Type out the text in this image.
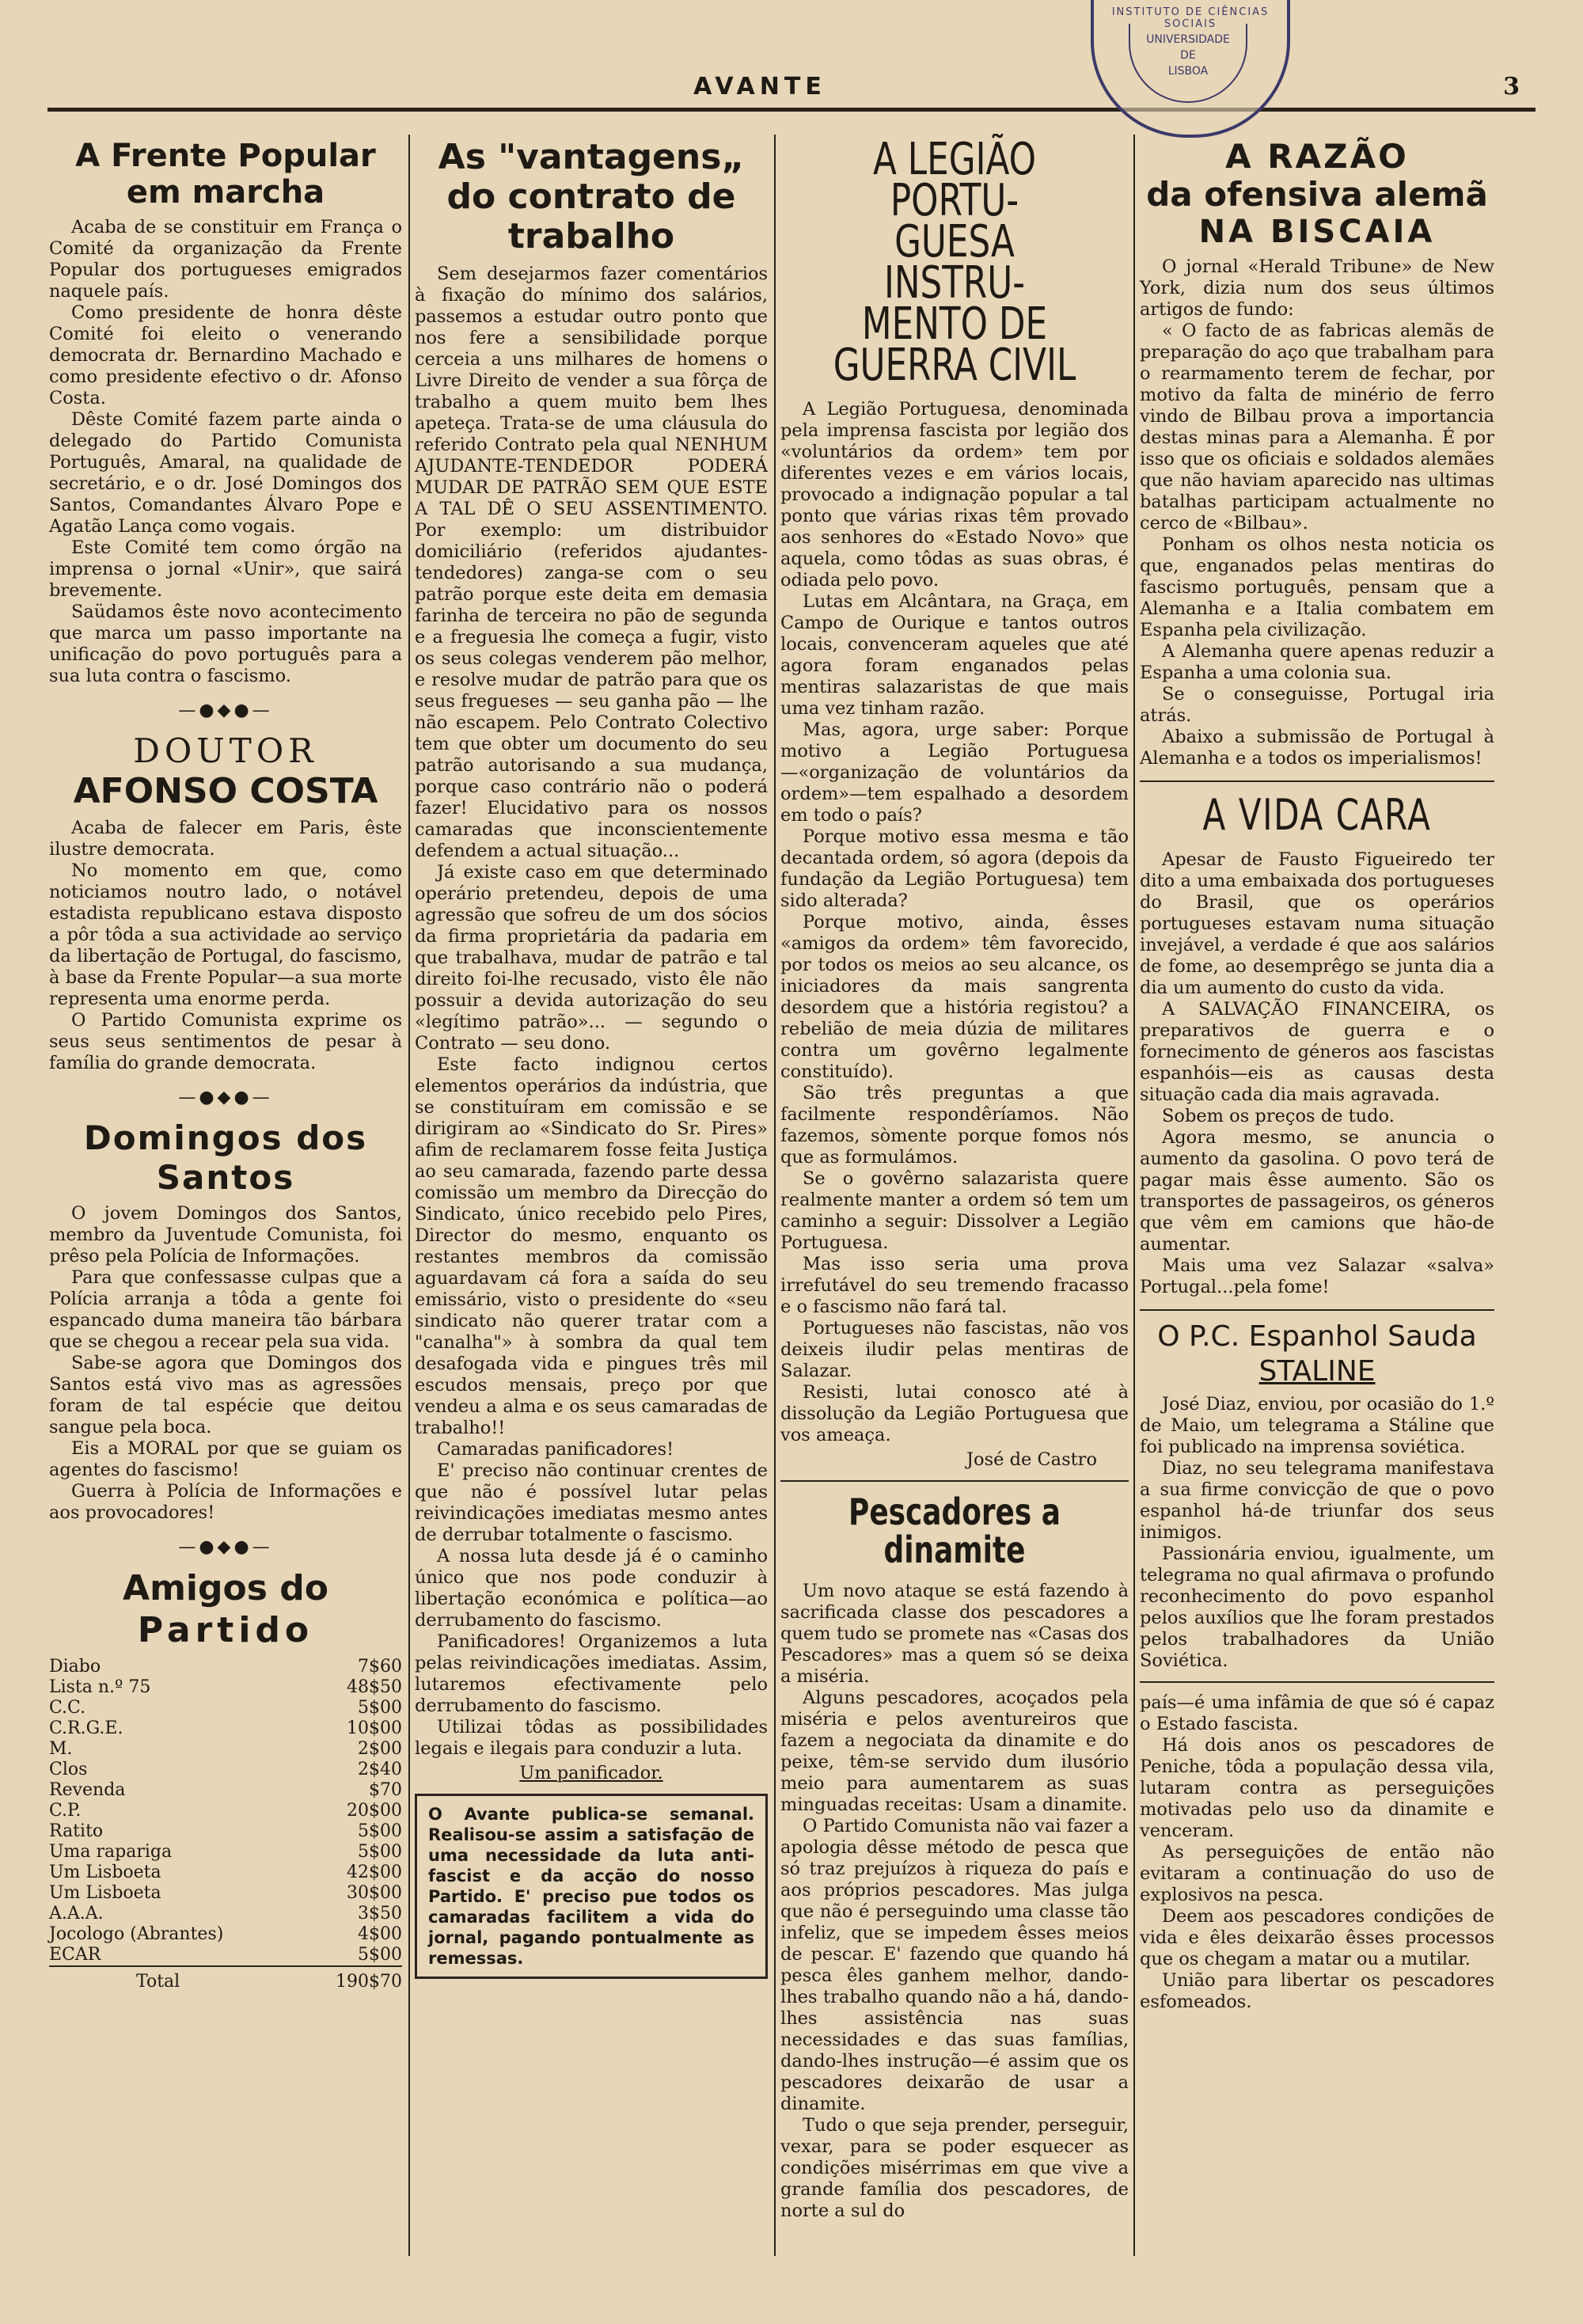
AVANTE	3
INSTITUTO DE CIÊNCIAS SOCIAIS
UNIVERSIDADE
DE
LISBOA
A Frente Popular
em marcha

Acaba de se constituir em França o Comité da organização da Frente Popular dos portugueses emigrados naquele país.

Como presidente de honra dêste Comité foi eleito o venerando democrata dr. Bernardino Machado e como presidente efectivo o dr. Afonso Costa.

Dêste Comité fazem parte ainda o delegado do Partido Comunista Português, Amaral, na qualidade de secretário, e o dr. José Domingos dos Santos, Comandantes Álvaro Pope e Agatão Lança como vogais.

Este Comité tem como órgão na imprensa o jornal «Unir», que sairá brevemente.

Saüdamos êste novo acontecimento que marca um passo importante na unificação do povo português para a sua luta contra o fascismo.

—●◆●—
DOUTOR
AFONSO COSTA

Acaba de falecer em Paris, êste ilustre democrata.

No momento em que, como noticiamos noutro lado, o notável estadista republicano estava disposto a pôr tôda a sua actividade ao serviço da libertação de Portugal, do fascismo, à base da Frente Popular—a sua morte representa uma enorme perda.

O Partido Comunista exprime os seus seus sentimentos de pesar à família do grande democrata.

—●◆●—
Domingos dos
Santos

O jovem Domingos dos Santos, membro da Juventude Comunista, foi prêso pela Polícia de Informações.

Para que confessasse culpas que a Polícia arranja a tôda a gente foi espancado duma maneira tão bárbara que se chegou a recear pela sua vida.

Sabe-se agora que Domingos dos Santos está vivo mas as agressões foram de tal espécie que deitou sangue pela boca.

Eis a MORAL por que se guiam os agentes do fascismo!

Guerra à Polícia de Informações e aos provocadores!

—●◆●—
Amigos do
Partido
Diabo	7$60
Lista n.º 75	48$50
C.C.	5$00
C.R.G.E.	10$00
M.	2$00
Clos	2$40
Revenda	$70
C.P.	20$00
Ratito	5$00
Uma rapariga	5$00
Um Lisboeta	42$00
Um Lisboeta	30$00
A.A.A.	3$50
Jocologo (Abrantes)	4$00
ECAR	5$00
Total	190$70
As "vantagens„
do contrato de
trabalho

Sem desejarmos fazer comentários à fixação do mínimo dos salários, passemos a estudar outro ponto que nos fere a sensibilidade porque cerceia a uns milhares de homens o Livre Direito de vender a sua fôrça de trabalho a quem muito bem lhes apeteça. Trata-se de uma cláusula do referido Contrato pela qual NENHUM AJUDANTE-TENDEDOR PODERÁ MUDAR DE PATRÃO SEM QUE ESTE A TAL DÊ O SEU ASSENTIMENTO. Por exemplo: um distribuidor domiciliário (referidos ajudantes-tendedores) zanga-se com o seu patrão porque este deita em demasia farinha de terceira no pão de segunda e a freguesia lhe começa a fugir, visto os seus colegas venderem pão melhor, e resolve mudar de patrão para que os seus fregueses — seu ganha pão — lhe não escapem. Pelo Contrato Colectivo tem que obter um documento do seu patrão autorisando a sua mudança, porque caso contrário não o poderá fazer! Elucidativo para os nossos camaradas que inconscientemente defendem a actual situação...

Já existe caso em que determinado operário pretendeu, depois de uma agressão que sofreu de um dos sócios da firma proprietária da padaria em que trabalhava, mudar de patrão e tal direito foi-lhe recusado, visto êle não possuir a devida autorização do seu «legítimo patrão»... — segundo o Contrato — seu dono.

Este facto indignou certos elementos operários da indústria, que se constituíram em comissão e se dirigiram ao «Sindicato do Sr. Pires» afim de reclamarem fosse feita Justiça ao seu camarada, fazendo parte dessa comissão um membro da Direcção do Sindicato, único recebido pelo Pires, Director do mesmo, enquanto os restantes membros da comissão aguardavam cá fora a saída do seu emissário, visto o presidente do «seu sindicato não querer tratar com a "canalha"» à sombra da qual tem desafogada vida e pingues três mil escudos mensais, preço por que vendeu a alma e os seus camaradas de trabalho!!

Camaradas panificadores!

E' preciso não continuar crentes de que não é possível lutar pelas reivindicações imediatas mesmo antes de derrubar totalmente o fascismo.

A nossa luta desde já é o caminho único que nos pode conduzir à libertação económica e política—ao derrubamento do fascismo.

Panificadores! Organizemos a luta pelas reivindicações imediatas. Assim, lutaremos efectivamente pelo derrubamento do fascismo.

Utilizai tôdas as possibilidades legais e ilegais para conduzir a luta.

Um panificador.
O Avante publica-se semanal. Realisou-se assim a satisfação de uma necessidade da luta anti-fascist e da acção do nosso Partido. E' preciso pue todos os camaradas facilitem a vida do jornal, pagando pontualmente as remessas.
A LEGIÃO PORTU-
GUESA INSTRU-
MENTO DE
GUERRA CIVIL

A Legião Portuguesa, denominada pela imprensa fascista por legião dos «voluntários da ordem» tem por diferentes vezes e em vários locais, provocado a indignação popular a tal ponto que várias rixas têm provado aos senhores do «Estado Novo» que aquela, como tôdas as suas obras, é odiada pelo povo.

Lutas em Alcântara, na Graça, em Campo de Ourique e tantos outros locais, convenceram aqueles que até agora foram enganados pelas mentiras salazaristas de que mais uma vez tinham razão.

Mas, agora, urge saber: Porque motivo a Legião Portuguesa—«organização de voluntários da ordem»—tem espalhado a desordem em todo o país?

Porque motivo essa mesma e tão decantada ordem, só agora (depois da fundação da Legião Portuguesa) tem sido alterada?

Porque motivo, ainda, êsses «amigos da ordem» têm favorecido, por todos os meios ao seu alcance, os iniciadores da mais sangrenta desordem que a história registou? a rebelião de meia dúzia de militares contra um govêrno legalmente constituído).

São três preguntas a que facilmente respondêríamos. Não fazemos, sòmente porque fomos nós que as formulámos.

Se o govêrno salazarista quere realmente manter a ordem só tem um caminho a seguir: Dissolver a Legião Portuguesa.

Mas isso seria uma prova irrefutável do seu tremendo fracasso e o fascismo não fará tal.

Portugueses não fascistas, não vos deixeis iludir pelas mentiras de Salazar.

Resisti, lutai conosco até à dissolução da Legião Portuguesa que vos ameaça.

José de Castro
Pescadores a dinamite

Um novo ataque se está fazendo à sacrificada classe dos pescadores a quem tudo se promete nas «Casas dos Pescadores» mas a quem só se deixa a miséria.

Alguns pescadores, acoçados pela miséria e pelos aventureiros que fazem a negociata da dinamite e do peixe, têm-se servido dum ilusório meio para aumentarem as suas minguadas receitas: Usam a dinamite.

O Partido Comunista não vai fazer a apologia dêsse método de pesca que só traz prejuízos à riqueza do país e aos próprios pescadores. Mas julga que não é perseguindo uma classe tão infeliz, que se impedem êsses meios de pescar. E' fazendo que quando há pesca êles ganhem melhor, dando-lhes trabalho quando não a há, dando-lhes assistência nas suas necessidades e das suas famílias, dando-lhes instrução—é assim que os pescadores deixarão de usar a dinamite.

Tudo o que seja prender, perseguir, vexar, para se poder esquecer as condições misérrimas em que vive a grande família dos pescadores, de norte a sul do

A RAZÃO
da ofensiva alemã
NA BISCAIA

O jornal «Herald Tribune» de New York, dizia num dos seus últimos artigos de fundo:

« O facto de as fabricas alemãs de preparação do aço que trabalham para o rearmamento terem de fechar, por motivo da falta de minério de ferro vindo de Bilbau prova a importancia destas minas para a Alemanha. É por isso que os oficiais e soldados alemães que não haviam aparecido nas ultimas batalhas participam actualmente no cerco de «Bilbau».

Ponham os olhos nesta noticia os que, enganados pelas mentiras do fascismo português, pensam que a Alemanha e a Italia combatem em Espanha pela civilização.

A Alemanha quere apenas reduzir a Espanha a uma colonia sua.

Se o conseguisse, Portugal iria atrás.

Abaixo a submissão de Portugal à Alemanha e a todos os imperialismos!

A VIDA CARA

Apesar de Fausto Figueiredo ter dito a uma embaixada dos portugueses do Brasil, que os operários portugueses estavam numa situação invejável, a verdade é que aos salários de fome, ao desemprêgo se junta dia a dia um aumento do custo da vida.

A SALVAÇÃO FINANCEIRA, os preparativos de guerra e o fornecimento de géneros aos fascistas espanhóis—eis as causas desta situação cada dia mais agravada.

Sobem os preços de tudo.

Agora mesmo, se anuncia o aumento da gasolina. O povo terá de pagar mais êsse aumento. São os transportes de passageiros, os géneros que vêm em camions que hão-de aumentar.

Mais uma vez Salazar «salva» Portugal...pela fome!

O P.C. Espanhol Sauda
STALINE

José Diaz, enviou, por ocasião do 1.º de Maio, um telegrama a Stáline que foi publicado na imprensa soviética.

Diaz, no seu telegrama manifestava a sua firme convicção de que o povo espanhol há-de triunfar dos seus inimigos.

Passionária enviou, igualmente, um telegrama no qual afirmava o profundo reconhecimento do povo espanhol pelos auxílios que lhe foram prestados pelos trabalhadores da União Soviética.

país—é uma infâmia de que só é capaz o Estado fascista.

Há dois anos os pescadores de Peniche, tôda a população dessa vila, lutaram contra as perseguições motivadas pelo uso da dinamite e venceram.

As perseguições de então não evitaram a continuação do uso de explosivos na pesca.

Deem aos pescadores condições de vida e êles deixarão êsses processos que os chegam a matar ou a mutilar.

União para libertar os pescadores esfomeados.
